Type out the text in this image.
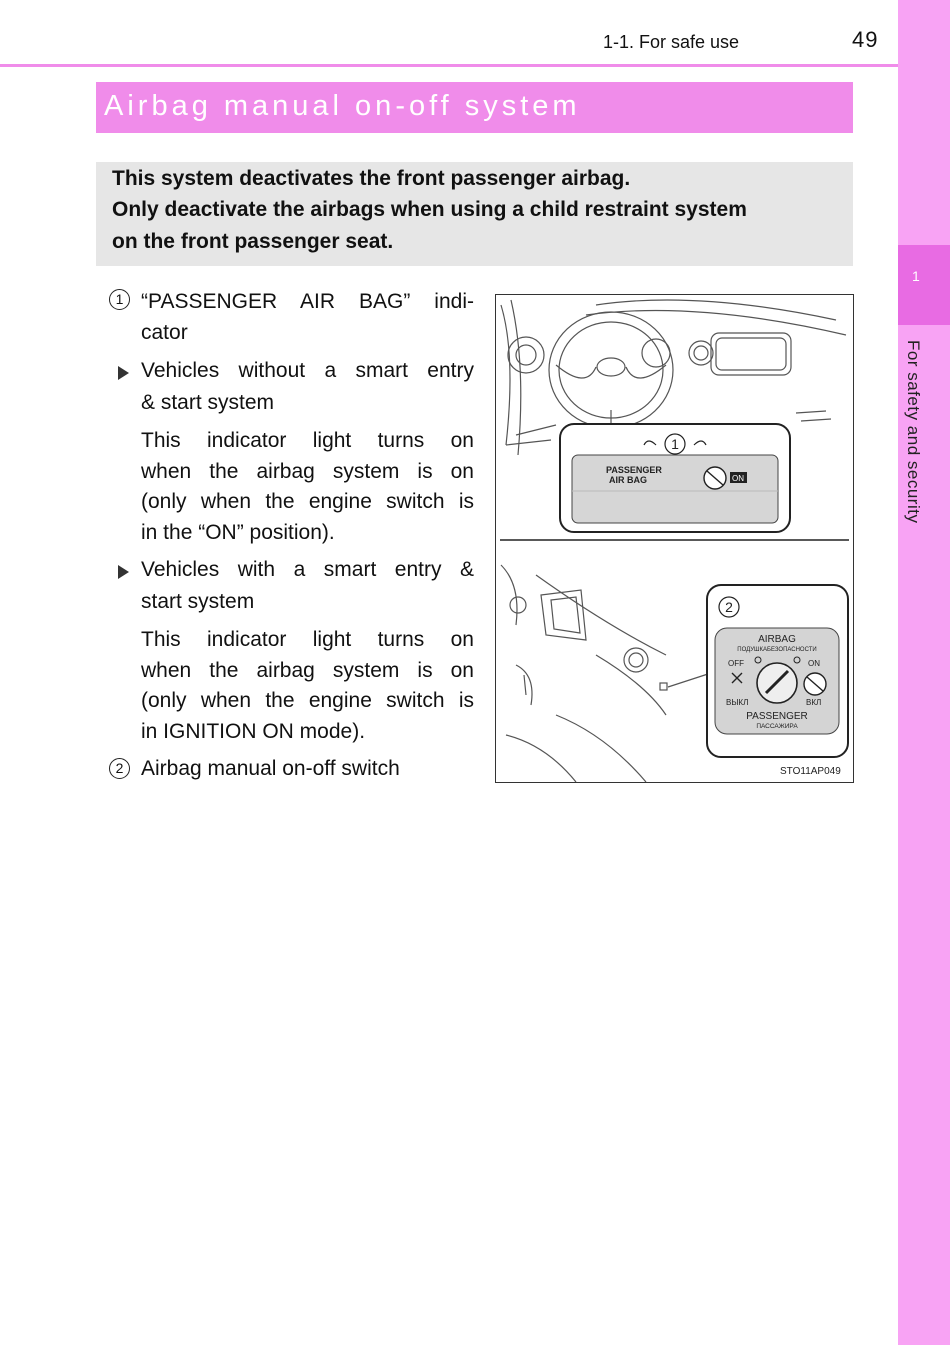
1
For safety and security
1-1. For safe use	49
Airbag manual on-off system
This system deactivates the front passenger airbag.
Only deactivate the airbags when using a child restraint system
on the front passenger seat.
1 “PASSENGER AIR BAG” indi-
cator
Vehicles without a smart entry
& start system
This indicator light turns on
when the airbag system is on
(only when the engine switch is
in the “ON” position).
Vehicles with a smart entry &
start system
This indicator light turns on
when the airbag system is on
(only when the engine switch is
in IGNITION ON mode).
2 Airbag manual on-off switch
1
PASSENGER
AIR BAG	ON
2
AIRBAG
ПОДУШКАБЕЗОПАСНОСТИ
OFF	ON
ВЫКЛ	ВКЛ
PASSENGER
ПАССАЖИРА
STO11AP049
